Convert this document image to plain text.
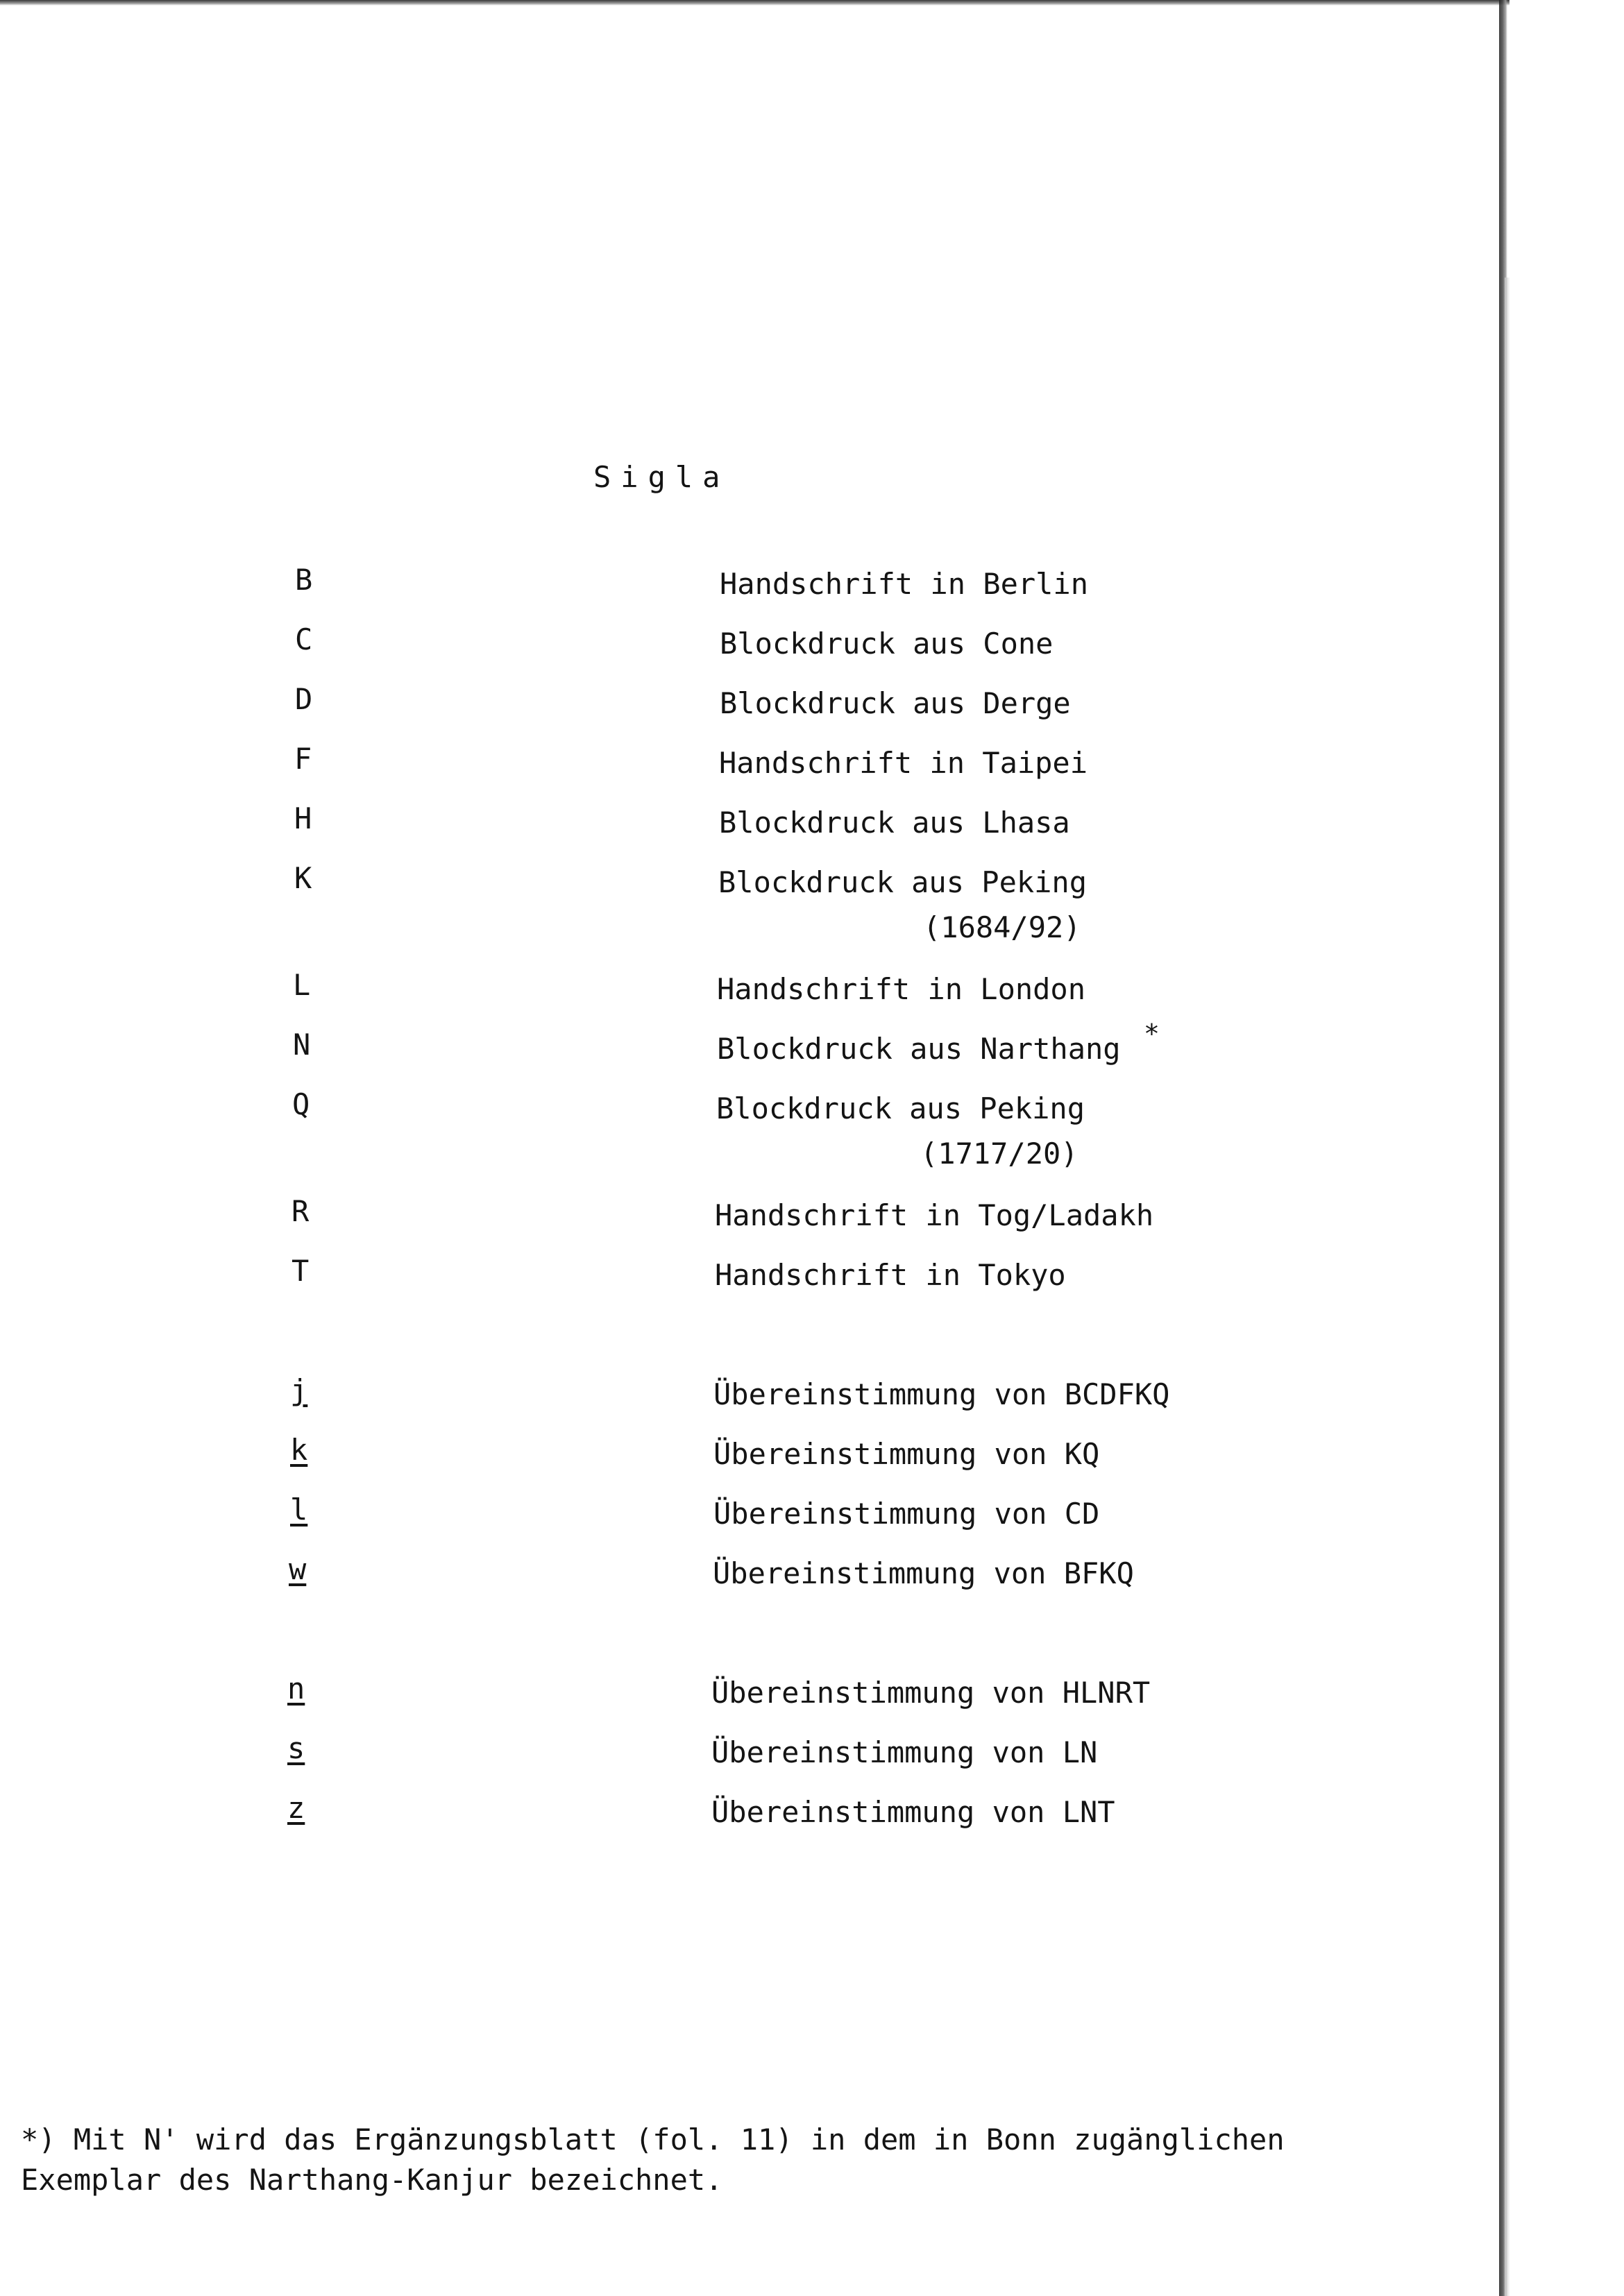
Sigla

B	Handschrift in Berlin

C	Blockdruck aus Cone

D	Blockdruck aus Derge

F	Handschrift in Taipei

H	Blockdruck aus Lhasa

K	Blockdruck aus Peking

(1684/92)

L	Handschrift in London

N	Blockdruck aus Narthang *

Q	Blockdruck aus Peking

(1717/20)

R	Handschrift in Tog/Ladakh

T	Handschrift in Tokyo

j	Übereinstimmung von BCDFKQ

k	Übereinstimmung von KQ

l	Übereinstimmung von CD

w	Übereinstimmung von BFKQ

n	Übereinstimmung von HLNRT

s	Übereinstimmung von LN

z	Übereinstimmung von LNT

*) Mit N' wird das Ergänzungsblatt (fol. 11) in dem in Bonn zugänglichen
Exemplar des Narthang-Kanjur bezeichnet.
